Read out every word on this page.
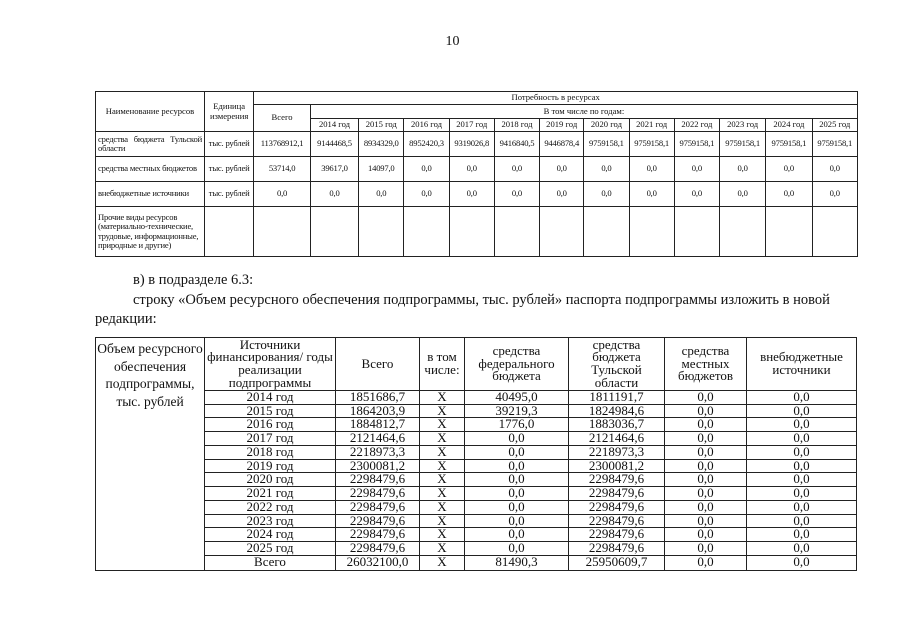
10
Наименование ресурсов	Единица измерения	Потребность в ресурсах												
		Всего	В том числе по годам:											
			2014 год	2015 год	2016 год	2017 год	2018 год	2019 год	2020 год	2021 год	2022 год	2023 год	2024 год	2025 год
средства бюджета Тульской области	тыс. рублей	113768912,1	9144468,5	8934329,0	8952420,3	9319026,8	9416840,5	9446878,4	9759158,1	9759158,1	9759158,1	9759158,1	9759158,1	9759158,1
средства местных бюджетов	тыс. рублей	53714,0	39617,0	14097,0	0,0	0,0	0,0	0,0	0,0	0,0	0,0	0,0	0,0	0,0
внебюджетные источники	тыс. рублей	0,0	0,0	0,0	0,0	0,0	0,0	0,0	0,0	0,0	0,0	0,0	0,0	0,0
Прочие виды ресурсов (материально-технические, трудовые, информационные, природные и другие)														
в) в подразделе 6.3:
строку «Объем ресурсного обеспечения подпрограммы, тыс. рублей» паспорта подпрограммы изложить в новой
редакции:
Объем ресурсного обеспечения подпрограммы, тыс. рублей	Источники финансирования/ годы реализации подпрограммы	Всего	в том числе:	средства федерального бюджета	средства бюджета Тульской области	средства местных бюджетов	внебюджетные источники
	2014 год	1851686,7	Х	40495,0	1811191,7	0,0	0,0
	2015 год	1864203,9	Х	39219,3	1824984,6	0,0	0,0
	2016 год	1884812,7	Х	1776,0	1883036,7	0,0	0,0
	2017 год	2121464,6	Х	0,0	2121464,6	0,0	0,0
	2018 год	2218973,3	Х	0,0	2218973,3	0,0	0,0
	2019 год	2300081,2	Х	0,0	2300081,2	0,0	0,0
	2020 год	2298479,6	Х	0,0	2298479,6	0,0	0,0
	2021 год	2298479,6	Х	0,0	2298479,6	0,0	0,0
	2022 год	2298479,6	Х	0,0	2298479,6	0,0	0,0
	2023 год	2298479,6	Х	0,0	2298479,6	0,0	0,0
	2024 год	2298479,6	Х	0,0	2298479,6	0,0	0,0
	2025 год	2298479,6	Х	0,0	2298479,6	0,0	0,0
	Всего	26032100,0	Х	81490,3	25950609,7	0,0	0,0
